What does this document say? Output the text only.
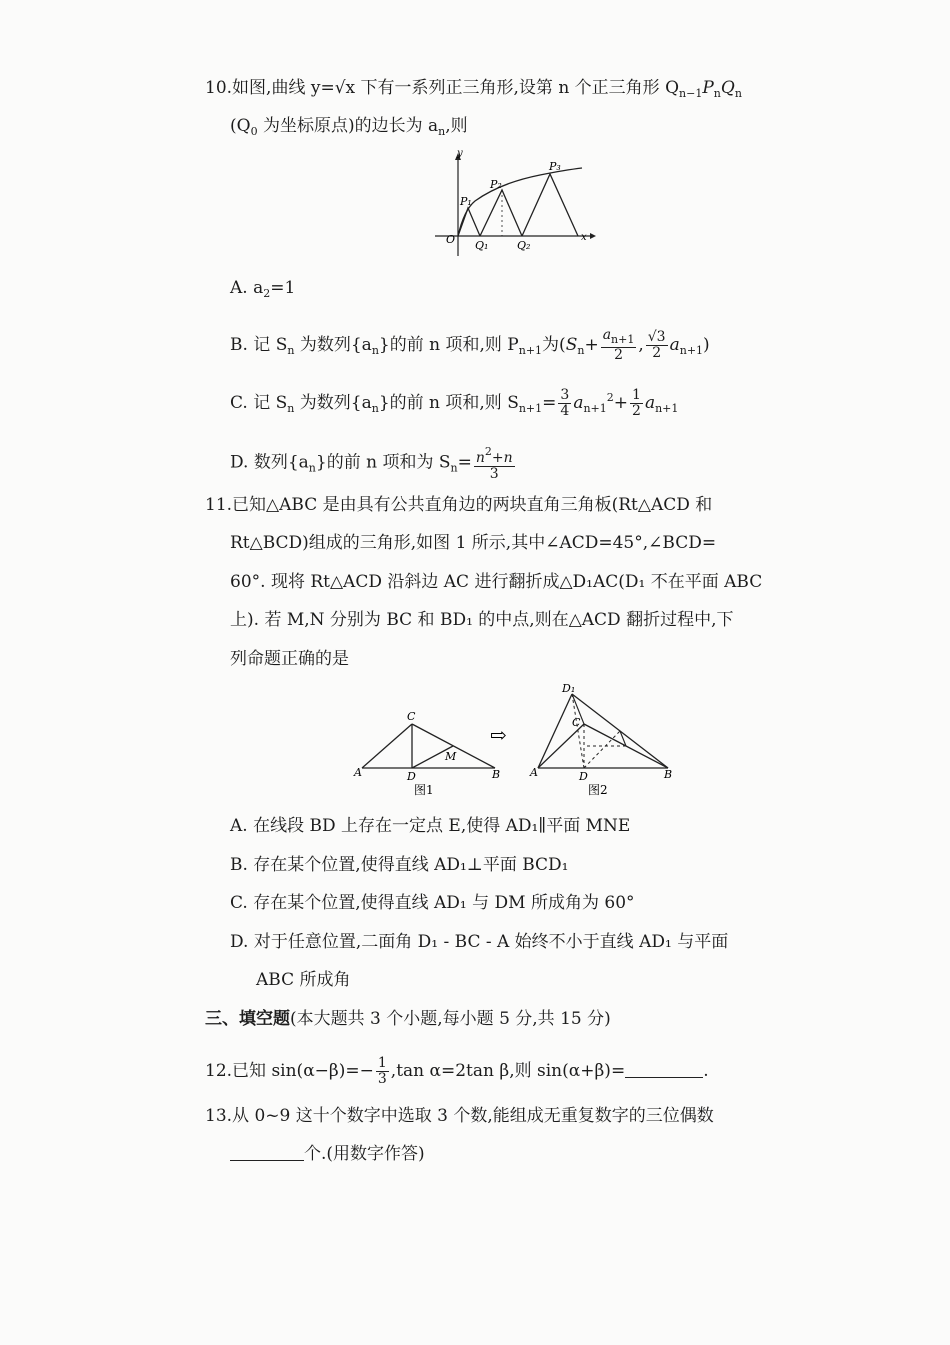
10.如图,曲线 y=√x 下有一系列正三角形,设第 n 个正三角形 $Q_{n-1}P_nQ_n$
($Q_0$ 为坐标原点)的边长为 $a_n$,则
y
x
O
P₁
P₂
P₃
Q₁	Q₂
A. $a_2=1$
B. 记 $S_n$ 为数列$\{a_n\}$的前 n 项和,则 $P_{n+1}$为($S_n+ \frac{a_{n+1}}{2}$ , $\frac{√3}{2} a_{n+1}$)
C. 记 $S_n$ 为数列$\{a_n\}$的前 n 项和,则 $S_{n+1}= \frac{3}{4} a_{n+1}^2+ \frac{1}{2} a_{n+1}$
D. 数列$\{a_n\}$的前 n 项和为 $S_n= \frac{n^2+n}{3}$
11.已知△ABC 是由具有公共直角边的两块直角三角板(Rt△ACD 和
Rt△BCD)组成的三角形,如图 1 所示,其中∠ACD=45°,∠BCD=
60°. 现将 Rt△ACD 沿斜边 AC 进行翻折成△D₁AC(D₁ 不在平面 ABC
上). 若 M,N 分别为 BC 和 BD₁ 的中点,则在△ACD 翻折过程中,下
列命题正确的是
A	B
C
D
M
图1
⇨
A	B
C
D
D₁
图2
A. 在线段 BD 上存在一定点 E,使得 AD₁∥平面 MNE
B. 存在某个位置,使得直线 AD₁⊥平面 BCD₁
C. 存在某个位置,使得直线 AD₁ 与 DM 所成角为 60°
D. 对于任意位置,二面角 D₁ - BC - A 始终不小于直线 AD₁ 与平面
ABC 所成角
三、填空题(本大题共 3 个小题,每小题 5 分,共 15 分)
12.已知 $\sin(\alpha-\beta)=- \frac{1}{3} ,\tan$ α=2tan β,则 sin(α+β)=	.
13.从 0~9 这十个数字中选取 3 个数,能组成无重复数字的三位偶数
个.(用数字作答)
